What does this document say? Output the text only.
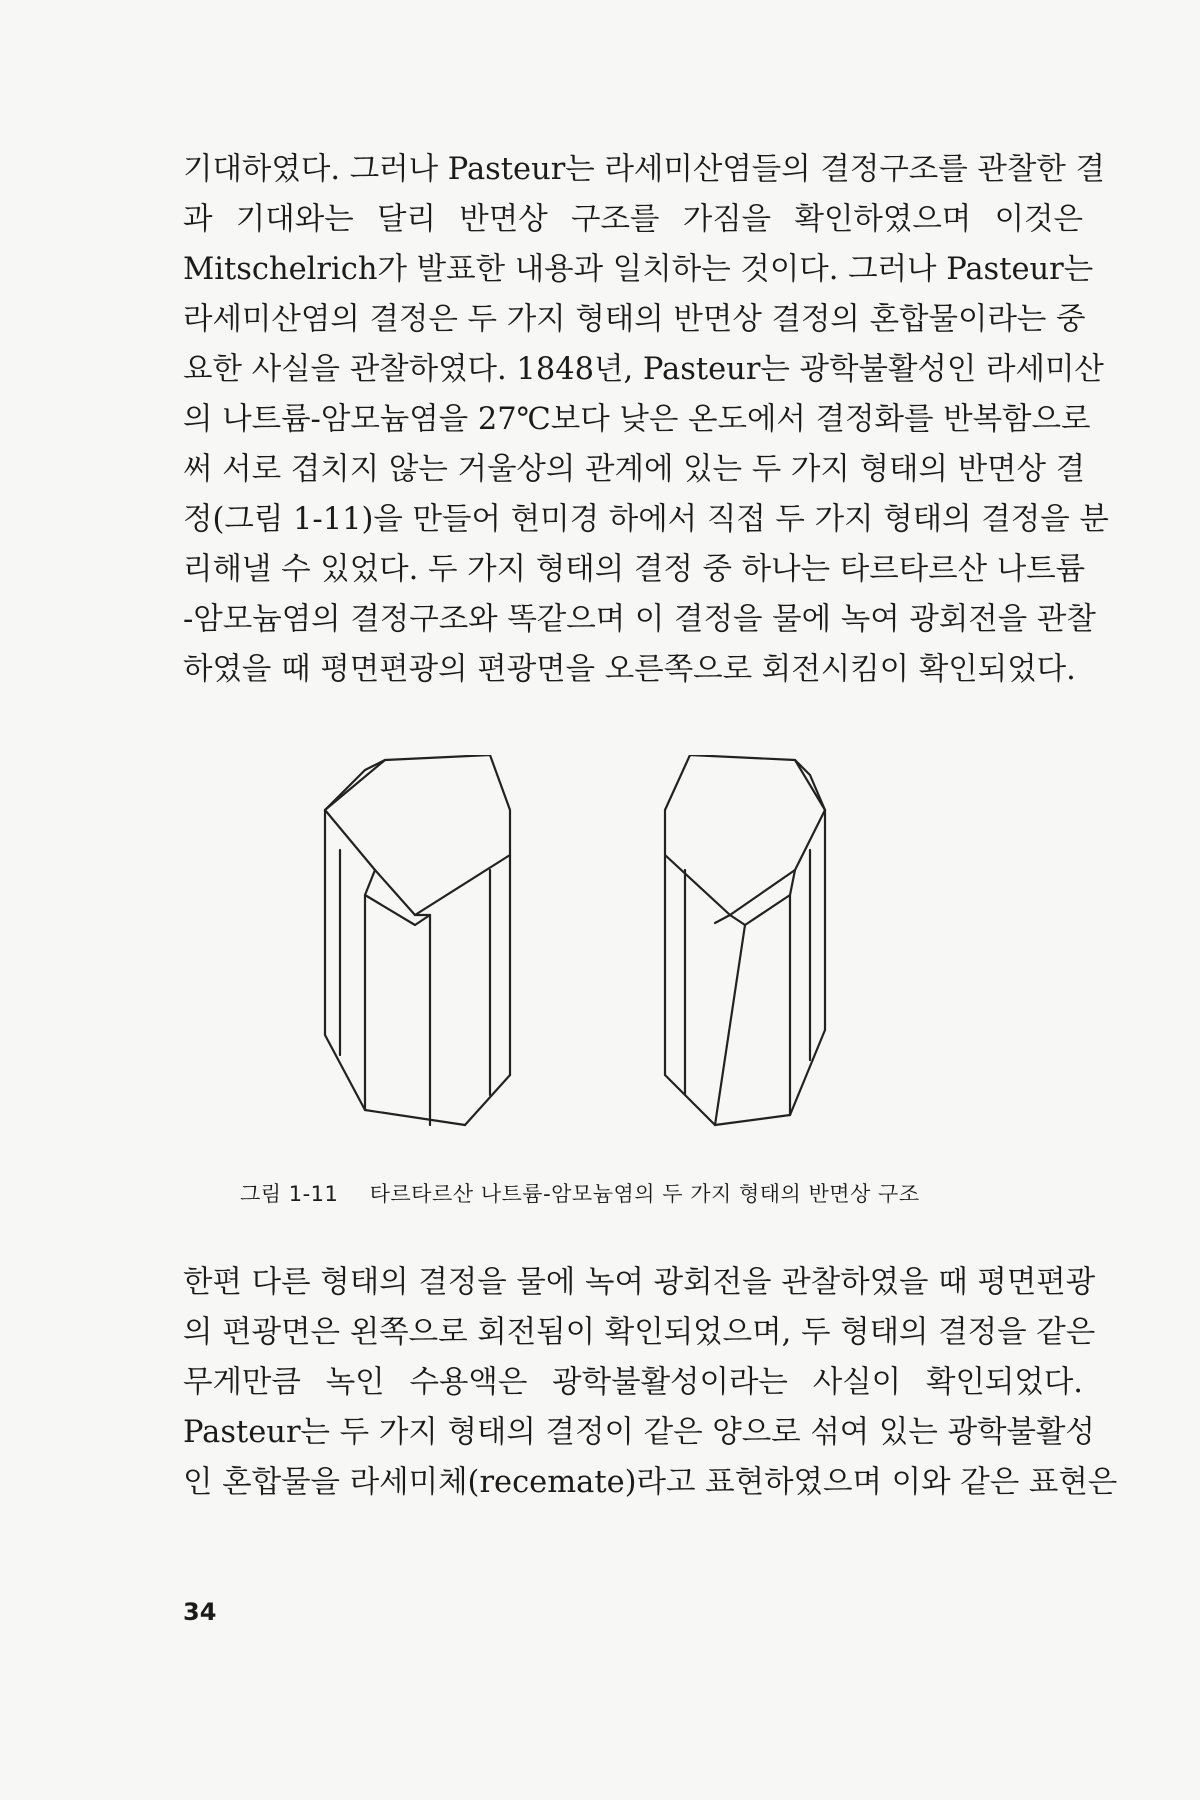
기대하였다. 그러나 Pasteur는 라세미산염들의 결정구조를 관찰한 결
과 기대와는 달리 반면상 구조를 가짐을 확인하였으며 이것은
Mitschelrich가 발표한 내용과 일치하는 것이다. 그러나 Pasteur는
라세미산염의 결정은 두 가지 형태의 반면상 결정의 혼합물이라는 중
요한 사실을 관찰하였다. 1848년, Pasteur는 광학불활성인 라세미산
의 나트륨-암모늄염을 27℃보다 낮은 온도에서 결정화를 반복함으로
써 서로 겹치지 않는 거울상의 관계에 있는 두 가지 형태의 반면상 결
정(그림 1-11)을 만들어 현미경 하에서 직접 두 가지 형태의 결정을 분
리해낼 수 있었다. 두 가지 형태의 결정 중 하나는 타르타르산 나트륨
-암모늄염의 결정구조와 똑같으며 이 결정을 물에 녹여 광회전을 관찰
하였을 때 평면편광의 편광면을 오른쪽으로 회전시킴이 확인되었다.
그림 1-11 타르타르산 나트륨-암모늄염의 두 가지 형태의 반면상 구조
한편 다른 형태의 결정을 물에 녹여 광회전을 관찰하였을 때 평면편광
의 편광면은 왼쪽으로 회전됨이 확인되었으며, 두 형태의 결정을 같은
무게만큼 녹인 수용액은 광학불활성이라는 사실이 확인되었다.
Pasteur는 두 가지 형태의 결정이 같은 양으로 섞여 있는 광학불활성
인 혼합물을 라세미체(recemate)라고 표현하였으며 이와 같은 표현은
34
